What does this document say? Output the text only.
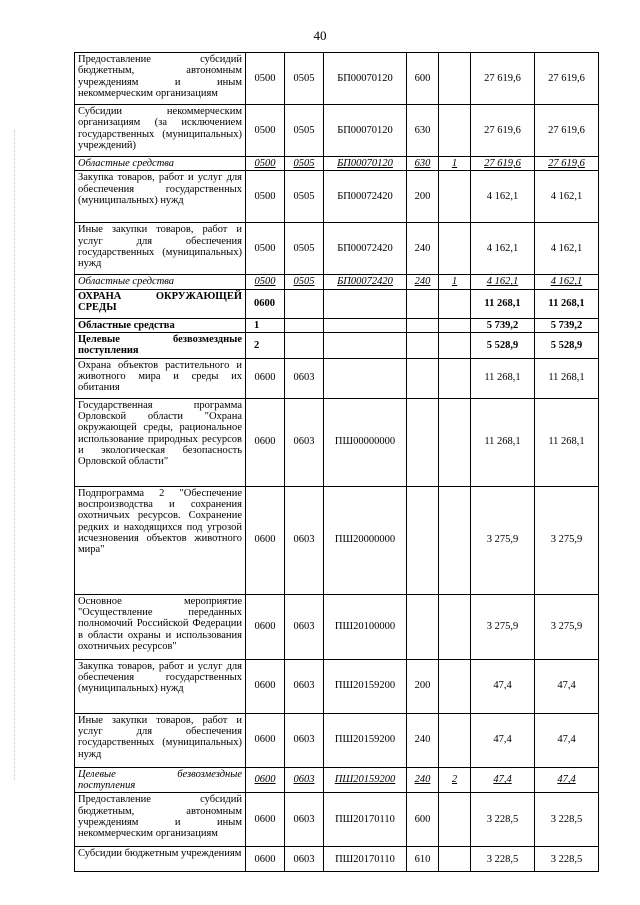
40
Предоставление субсидий бюджетным, автономным учреждениям и иным некоммерческим организациям	0500	0505	БП00070120	600		27 619,6	27 619,6
Субсидии некоммерческим организациям (за исключением государственных (муниципальных) учреждений)	0500	0505	БП00070120	630		27 619,6	27 619,6
Областные средства	0500	0505	БП00070120	630	1	27 619,6	27 619,6
Закупка товаров, работ и услуг для обеспечения государственных (муниципальных) нужд	0500	0505	БП00072420	200		4 162,1	4 162,1
Иные закупки товаров, работ и услуг для обеспечения государственных (муниципальных) нужд	0500	0505	БП00072420	240		4 162,1	4 162,1
Областные средства	0500	0505	БП00072420	240	1	4 162,1	4 162,1
ОХРАНА ОКРУЖАЮЩЕЙ СРЕДЫ	0600					11 268,1	11 268,1
Областные средства	1					5 739,2	5 739,2
Целевые безвозмездные поступления	2					5 528,9	5 528,9
Охрана объектов растительного и животного мира и среды их обитания	0600	0603				11 268,1	11 268,1
Государственная программа Орловской области "Охрана окружающей среды, рациональное использование природных ресурсов и экологическая безопасность Орловской области"	0600	0603	ПШ00000000			11 268,1	11 268,1
Подпрограмма 2 "Обеспечение воспроизводства и сохранения охотничьих ресурсов. Сохранение редких и находящихся под угрозой исчезновения объектов животного мира"	0600	0603	ПШ20000000			3 275,9	3 275,9
Основное мероприятие "Осуществление переданных полномочий Российской Федерации в области охраны и использования охотничьих ресурсов"	0600	0603	ПШ20100000			3 275,9	3 275,9
Закупка товаров, работ и услуг для обеспечения государственных (муниципальных) нужд	0600	0603	ПШ20159200	200		47,4	47,4
Иные закупки товаров, работ и услуг для обеспечения государственных (муниципальных) нужд	0600	0603	ПШ20159200	240		47,4	47,4
Целевые безвозмездные поступления	0600	0603	ПШ20159200	240	2	47,4	47,4
Предоставление субсидий бюджетным, автономным учреждениям и иным некоммерческим организациям	0600	0603	ПШ20170110	600		3 228,5	3 228,5
Субсидии бюджетным учреждениям	0600	0603	ПШ20170110	610		3 228,5	3 228,5
